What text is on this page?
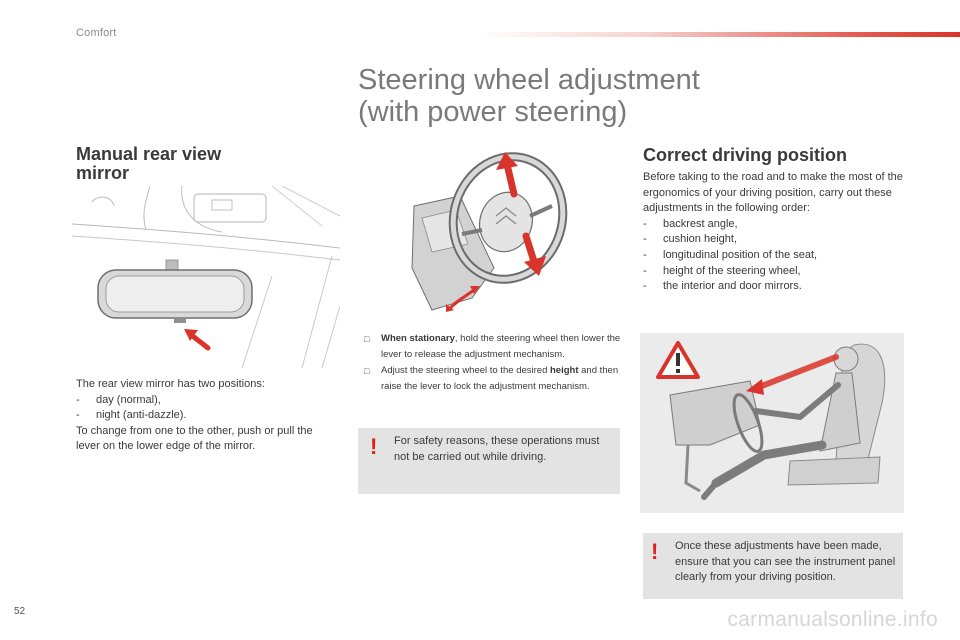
Comfort
Steering wheel adjustment
(with power steering)
Manual rear view mirror
The rear view mirror has two positions:
- day (normal),
- night (anti-dazzle).
To change from one to the other, push or pull the lever on the lower edge of the mirror.
□ When stationary, hold the steering wheel then lower the lever to release the adjustment mechanism.
□ Adjust the steering wheel to the desired height and then raise the lever to lock the adjustment mechanism.
! For safety reasons, these operations must not be carried out while driving.
Correct driving position
Before taking to the road and to make the most of the ergonomics of your driving position, carry out these adjustments in the following order:
- backrest angle,
- cushion height,
- longitudinal position of the seat,
- height of the steering wheel,
- the interior and door mirrors.
! Once these adjustments have been made, ensure that you can see the instrument panel clearly from your driving position.
52	carmanualsonline.info
